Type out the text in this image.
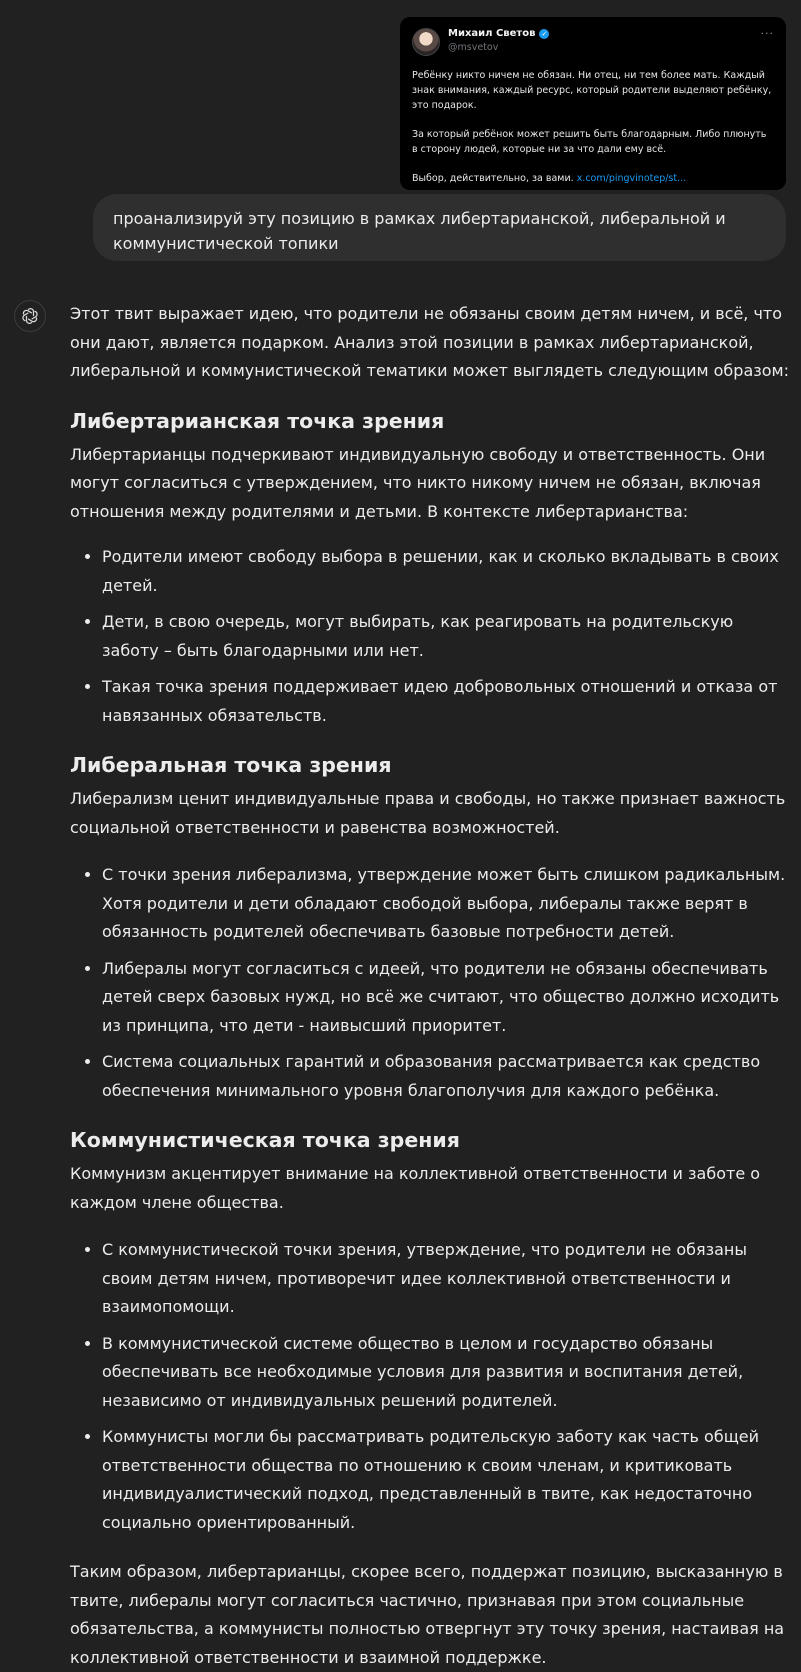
Михаил Светов ✓
@msvetov
···

Ребёнку никто ничем не обязан. Ни отец, ни тем более мать. Каждый знак внимания, каждый ресурс, который родители выделяют ребёнку, это подарок.

За который ребёнок может решить быть благодарным. Либо плюнуть в сторону людей, которые ни за что дали ему всё.

Выбор, действительно, за вами. x.com/pingvinotep/st...

проанализируй эту позицию в рамках либертарианской, либеральной и коммунистической топики

Этот твит выражает идею, что родители не обязаны своим детям ничем, и всё, что они дают, является подарком. Анализ этой позиции в рамках либертарианской, либеральной и коммунистической тематики может выглядеть следующим образом:

Либертарианская точка зрения

Либертарианцы подчеркивают индивидуальную свободу и ответственность. Они могут согласиться с утверждением, что никто никому ничем не обязан, включая отношения между родителями и детьми. В контексте либертарианства:

• Родители имеют свободу выбора в решении, как и сколько вкладывать в своих детей.
• Дети, в свою очередь, могут выбирать, как реагировать на родительскую заботу – быть благодарными или нет.
• Такая точка зрения поддерживает идею добровольных отношений и отказа от навязанных обязательств.
Либеральная точка зрения

Либерализм ценит индивидуальные права и свободы, но также признает важность социальной ответственности и равенства возможностей.

• С точки зрения либерализма, утверждение может быть слишком радикальным. Хотя родители и дети обладают свободой выбора, либералы также верят в обязанность родителей обеспечивать базовые потребности детей.
• Либералы могут согласиться с идеей, что родители не обязаны обеспечивать детей сверх базовых нужд, но всё же считают, что общество должно исходить из принципа, что дети - наивысший приоритет.
• Система социальных гарантий и образования рассматривается как средство обеспечения минимального уровня благополучия для каждого ребёнка.
Коммунистическая точка зрения

Коммунизм акцентирует внимание на коллективной ответственности и заботе о каждом члене общества.

• С коммунистической точки зрения, утверждение, что родители не обязаны своим детям ничем, противоречит идее коллективной ответственности и взаимопомощи.
• В коммунистической системе общество в целом и государство обязаны обеспечивать все необходимые условия для развития и воспитания детей, независимо от индивидуальных решений родителей.
• Коммунисты могли бы рассматривать родительскую заботу как часть общей ответственности общества по отношению к своим членам, и критиковать индивидуалистический подход, представленный в твите, как недостаточно социально ориентированный.

Таким образом, либертарианцы, скорее всего, поддержат позицию, высказанную в твите, либералы могут согласиться частично, признавая при этом социальные обязательства, а коммунисты полностью отвергнут эту точку зрения, настаивая на коллективной ответственности и взаимной поддержке.
